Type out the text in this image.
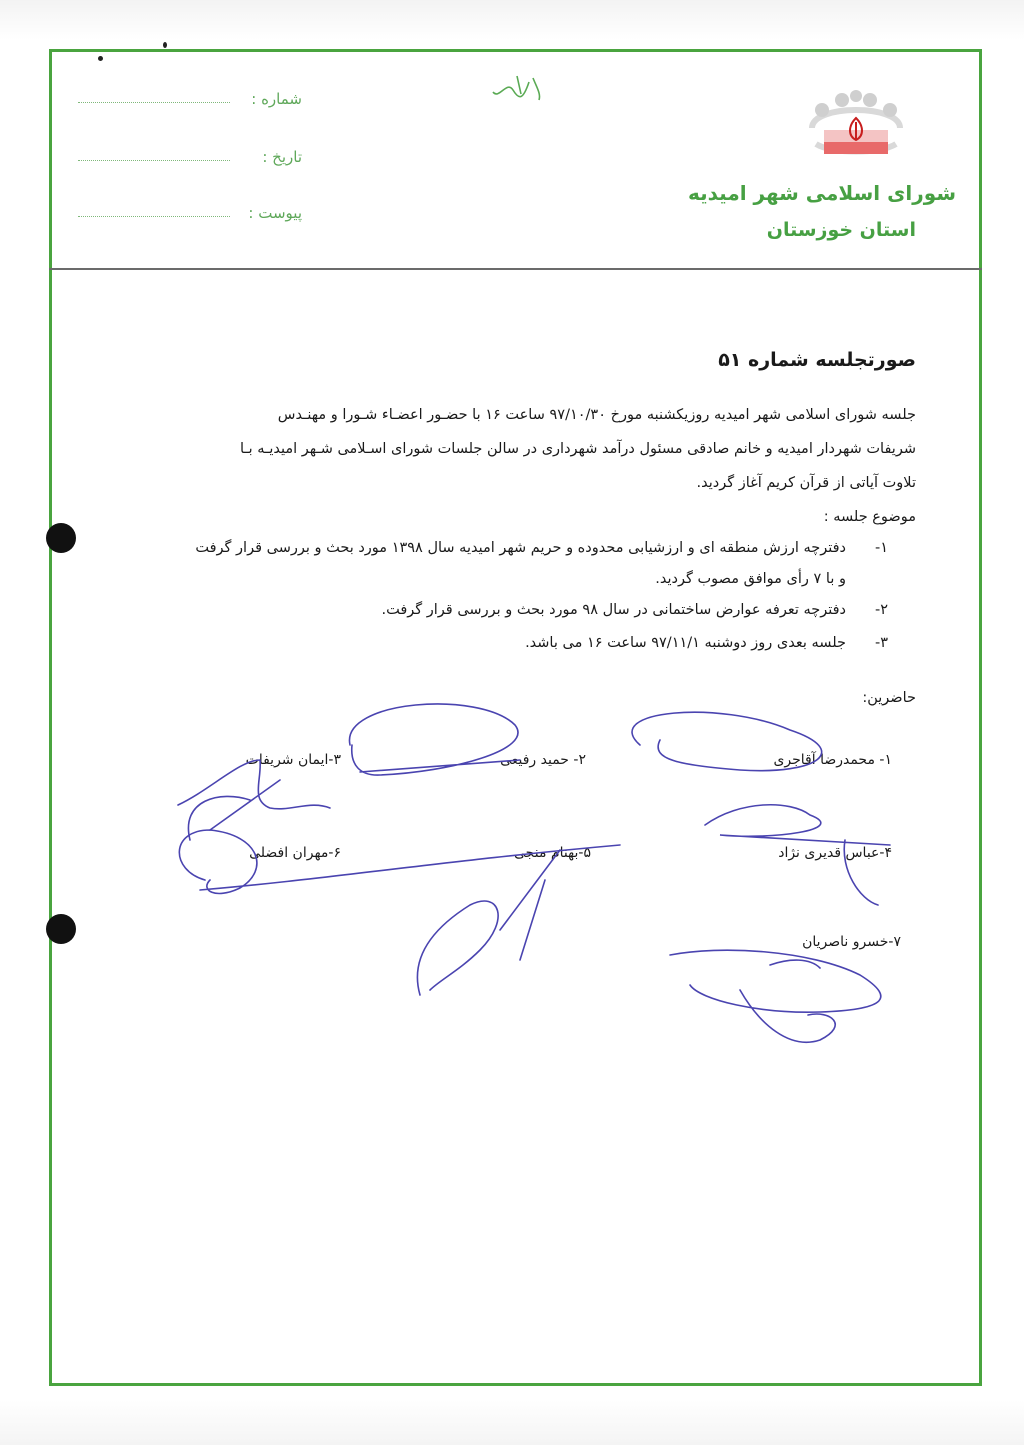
شماره :
تاریخ :
پیوست :
شورای اسلامی شهر امیدیه
استان خوزستان
صورتجلسه شماره ۵۱
جلسه شورای اسلامی شهر امیدیه روزیکشنبه مورخ ۹۷/۱۰/۳۰ ساعت ۱۶ با حضـور اعضـاء شـورا و مهنـدس
شریفات شهردار امیدیه و خانم صادقی مسئول درآمد شهرداری در سالن جلسات شورای اسـلامی شـهر امیدیـه بـا
تلاوت آیاتی از قرآن کریم آغاز گردید.
موضوع جلسه :
۱-
دفترچه ارزش منطقه ای و ارزشیابی محدوده و حریم شهر امیدیه سال ۱۳۹۸ مورد بحث و بررسی قرار گرفت
و با ۷ رأی موافق مصوب گردید.
۲-
دفترچه تعرفه عوارض ساختمانی در سال ۹۸ مورد بحث و بررسی قرار گرفت.
۳-
جلسه بعدی روز دوشنبه ۹۷/۱۱/۱ ساعت ۱۶ می باشد.
حاضرین:
۱- محمدرضا آقاجری
۲- حمید رفیعی
۳-ایمان شریفات
۴-عباس قدیری نژاد
۵-بهنام منجی
۶-مهران افضلی
۷-خسرو ناصریان
